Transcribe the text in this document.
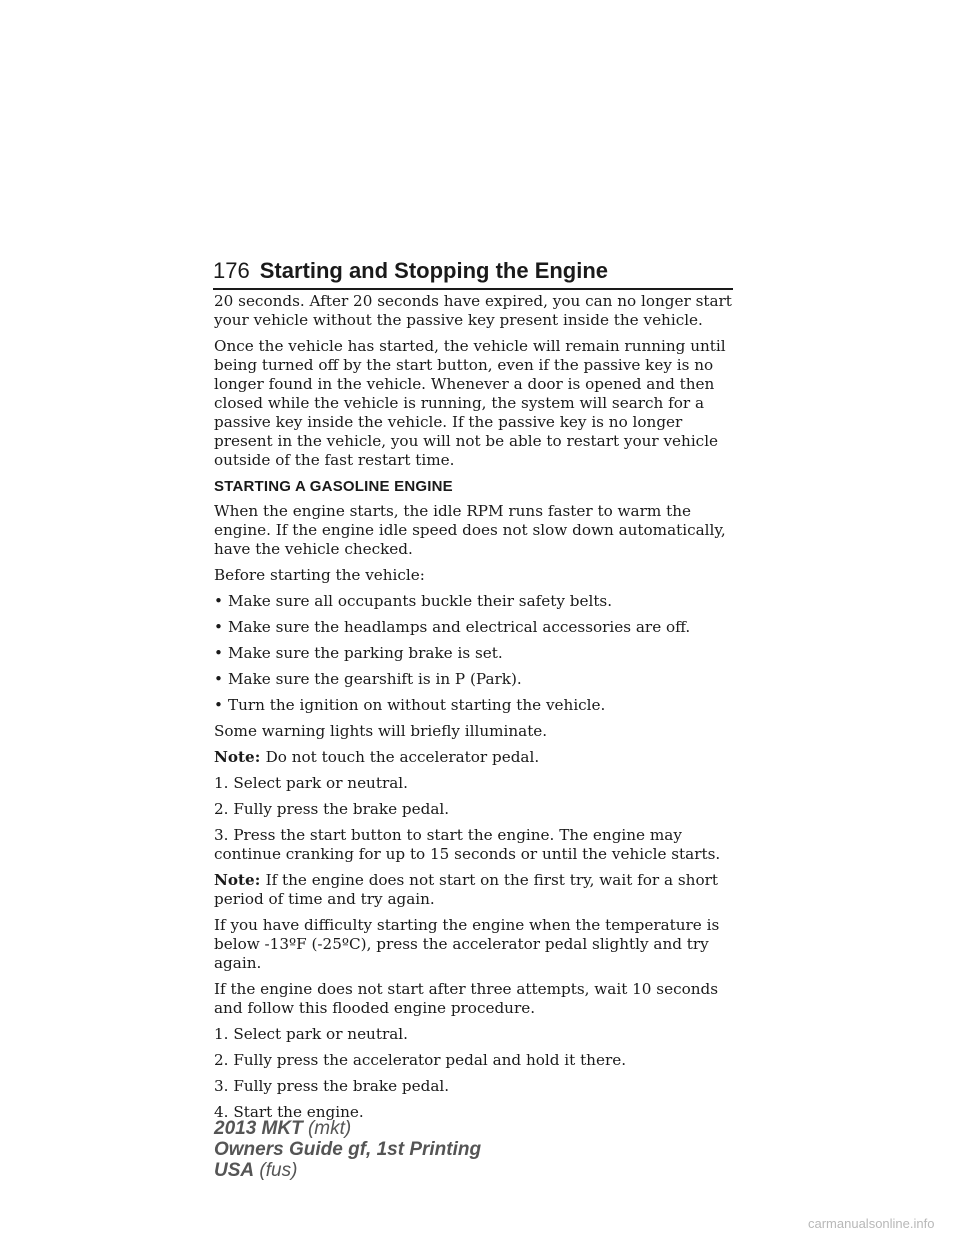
176 Starting and Stopping the Engine

20 seconds. After 20 seconds have expired, you can no longer start your vehicle without the passive key present inside the vehicle.

Once the vehicle has started, the vehicle will remain running until being turned off by the start button, even if the passive key is no longer found in the vehicle. Whenever a door is opened and then closed while the vehicle is running, the system will search for a passive key inside the vehicle. If the passive key is no longer present in the vehicle, you will not be able to restart your vehicle outside of the fast restart time.

STARTING A GASOLINE ENGINE

When the engine starts, the idle RPM runs faster to warm the engine. If the engine idle speed does not slow down automatically, have the vehicle checked.

Before starting the vehicle:

• Make sure all occupants buckle their safety belts.
• Make sure the headlamps and electrical accessories are off.
• Make sure the parking brake is set.
• Make sure the gearshift is in P (Park).
• Turn the ignition on without starting the vehicle.

Some warning lights will briefly illuminate.

Note: Do not touch the accelerator pedal.

1. Select park or neutral.

2. Fully press the brake pedal.

3. Press the start button to start the engine. The engine may continue cranking for up to 15 seconds or until the vehicle starts.

Note: If the engine does not start on the first try, wait for a short period of time and try again.

If you have difficulty starting the engine when the temperature is below -13ºF (-25ºC), press the accelerator pedal slightly and try again.

If the engine does not start after three attempts, wait 10 seconds and follow this flooded engine procedure.

1. Select park or neutral.

2. Fully press the accelerator pedal and hold it there.

3. Fully press the brake pedal.

4. Start the engine.

2013 MKT (mkt)
Owners Guide gf, 1st Printing
USA (fus)
carmanualsonline.info
